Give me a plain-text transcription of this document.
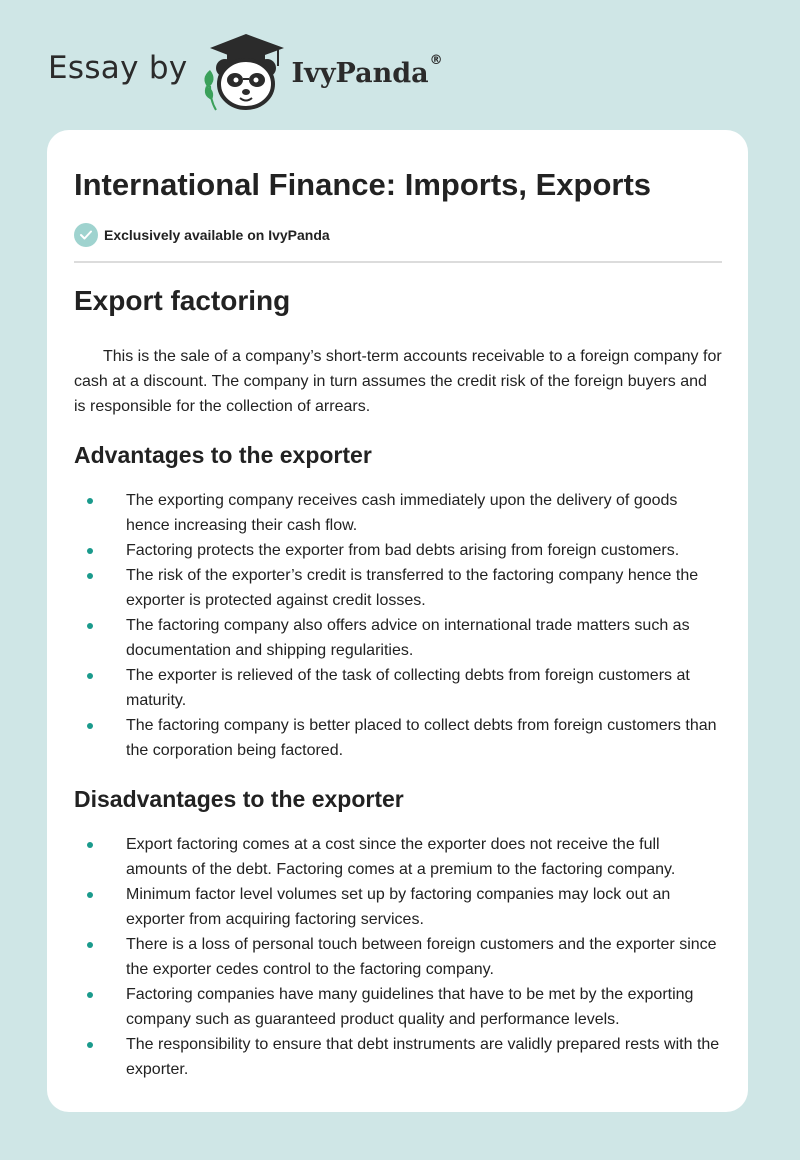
Essay by	IvyPanda ®
International Finance: Imports, Exports
Exclusively available on IvyPanda
Export factoring

This is the sale of a company’s short-term accounts receivable to a foreign company for cash at a discount. The company in turn assumes the credit risk of the foreign buyers and is responsible for the collection of arrears.

Advantages to the exporter
The exporting company receives cash immediately upon the delivery of goods hence increasing their cash flow.
Factoring protects the exporter from bad debts arising from foreign customers.
The risk of the exporter’s credit is transferred to the factoring company hence the exporter is protected against credit losses.
The factoring company also offers advice on international trade matters such as documentation and shipping regularities.
The exporter is relieved of the task of collecting debts from foreign customers at maturity.
The factoring company is better placed to collect debts from foreign customers than the corporation being factored.
Disadvantages to the exporter
Export factoring comes at a cost since the exporter does not receive the full amounts of the debt. Factoring comes at a premium to the factoring company.
Minimum factor level volumes set up by factoring companies may lock out an exporter from acquiring factoring services.
There is a loss of personal touch between foreign customers and the exporter since the exporter cedes control to the factoring company.
Factoring companies have many guidelines that have to be met by the exporting company such as guaranteed product quality and performance levels.
The responsibility to ensure that debt instruments are validly prepared rests with the exporter.
